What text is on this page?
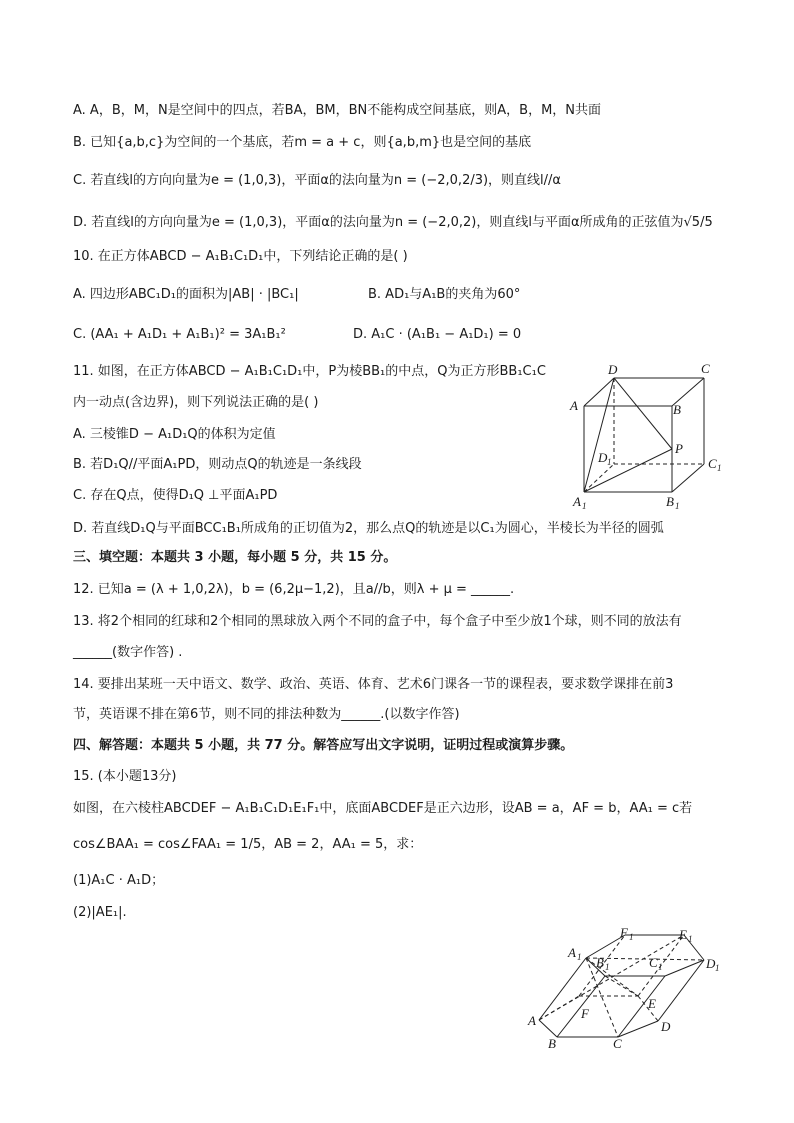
A. A，B，M，N是空间中的四点，若BA，BM，BN不能构成空间基底，则A，B，M，N共面
B. 已知{a,b,c}为空间的一个基底，若m = a + c，则{a,b,m}也是空间的基底
C. 若直线l的方向向量为e = (1,0,3)，平面α的法向量为n = (−2,0,2/3)，则直线l//α
D. 若直线l的方向向量为e = (1,0,3)，平面α的法向量为n = (−2,0,2)，则直线l与平面α所成角的正弦值为√5/5
10. 在正方体ABCD − A₁B₁C₁D₁中，下列结论正确的是( )
A. 四边形ABC₁D₁的面积为|AB| · |BC₁|	B. AD₁与A₁B的夹角为60°
C. (AA₁ + A₁D₁ + A₁B₁)² = 3A₁B₁²	D. A₁C · (A₁B₁ − A₁D₁) = 0
11. 如图，在正方体ABCD − A₁B₁C₁D₁中，P为棱BB₁的中点，Q为正方形BB₁C₁C
内一动点(含边界)，则下列说法正确的是( )
A. 三棱锥D − A₁D₁Q的体积为定值
B. 若D₁Q//平面A₁PD，则动点Q的轨迹是一条线段
C. 存在Q点，使得D₁Q ⊥平面A₁PD
D. 若直线D₁Q与平面BCC₁B₁所成角的正切值为2，那么点Q的轨迹是以C₁为圆心，半棱长为半径的圆弧
三、填空题：本题共 3 小题，每小题 5 分，共 15 分。
12. 已知a = (λ + 1,0,2λ)，b = (6,2μ−1,2)，且a//b，则λ + μ = ______.
13. 将2个相同的红球和2个相同的黑球放入两个不同的盒子中，每个盒子中至少放1个球，则不同的放法有
______(数字作答) .
14. 要排出某班一天中语文、数学、政治、英语、体育、艺术6门课各一节的课程表，要求数学课排在前3
节，英语课不排在第6节，则不同的排法种数为______.(以数字作答)
四、解答题：本题共 5 小题，共 77 分。解答应写出文字说明，证明过程或演算步骤。
15. (本小题13分)
如图，在六棱柱ABCDEF − A₁B₁C₁D₁E₁F₁中，底面ABCDEF是正六边形，设AB = a，AF = b，AA₁ = c若
cos∠BAA₁ = cos∠FAA₁ = 1/5，AB = 2，AA₁ = 5，求：
(1)A₁C · A₁D；
(2)|AE₁|.
D	C
A	B
P
D 1	C 1
A 1	B 1
F 1	E 1
A 1 B 1	C 1	D 1
E
F
A	D
B	C
